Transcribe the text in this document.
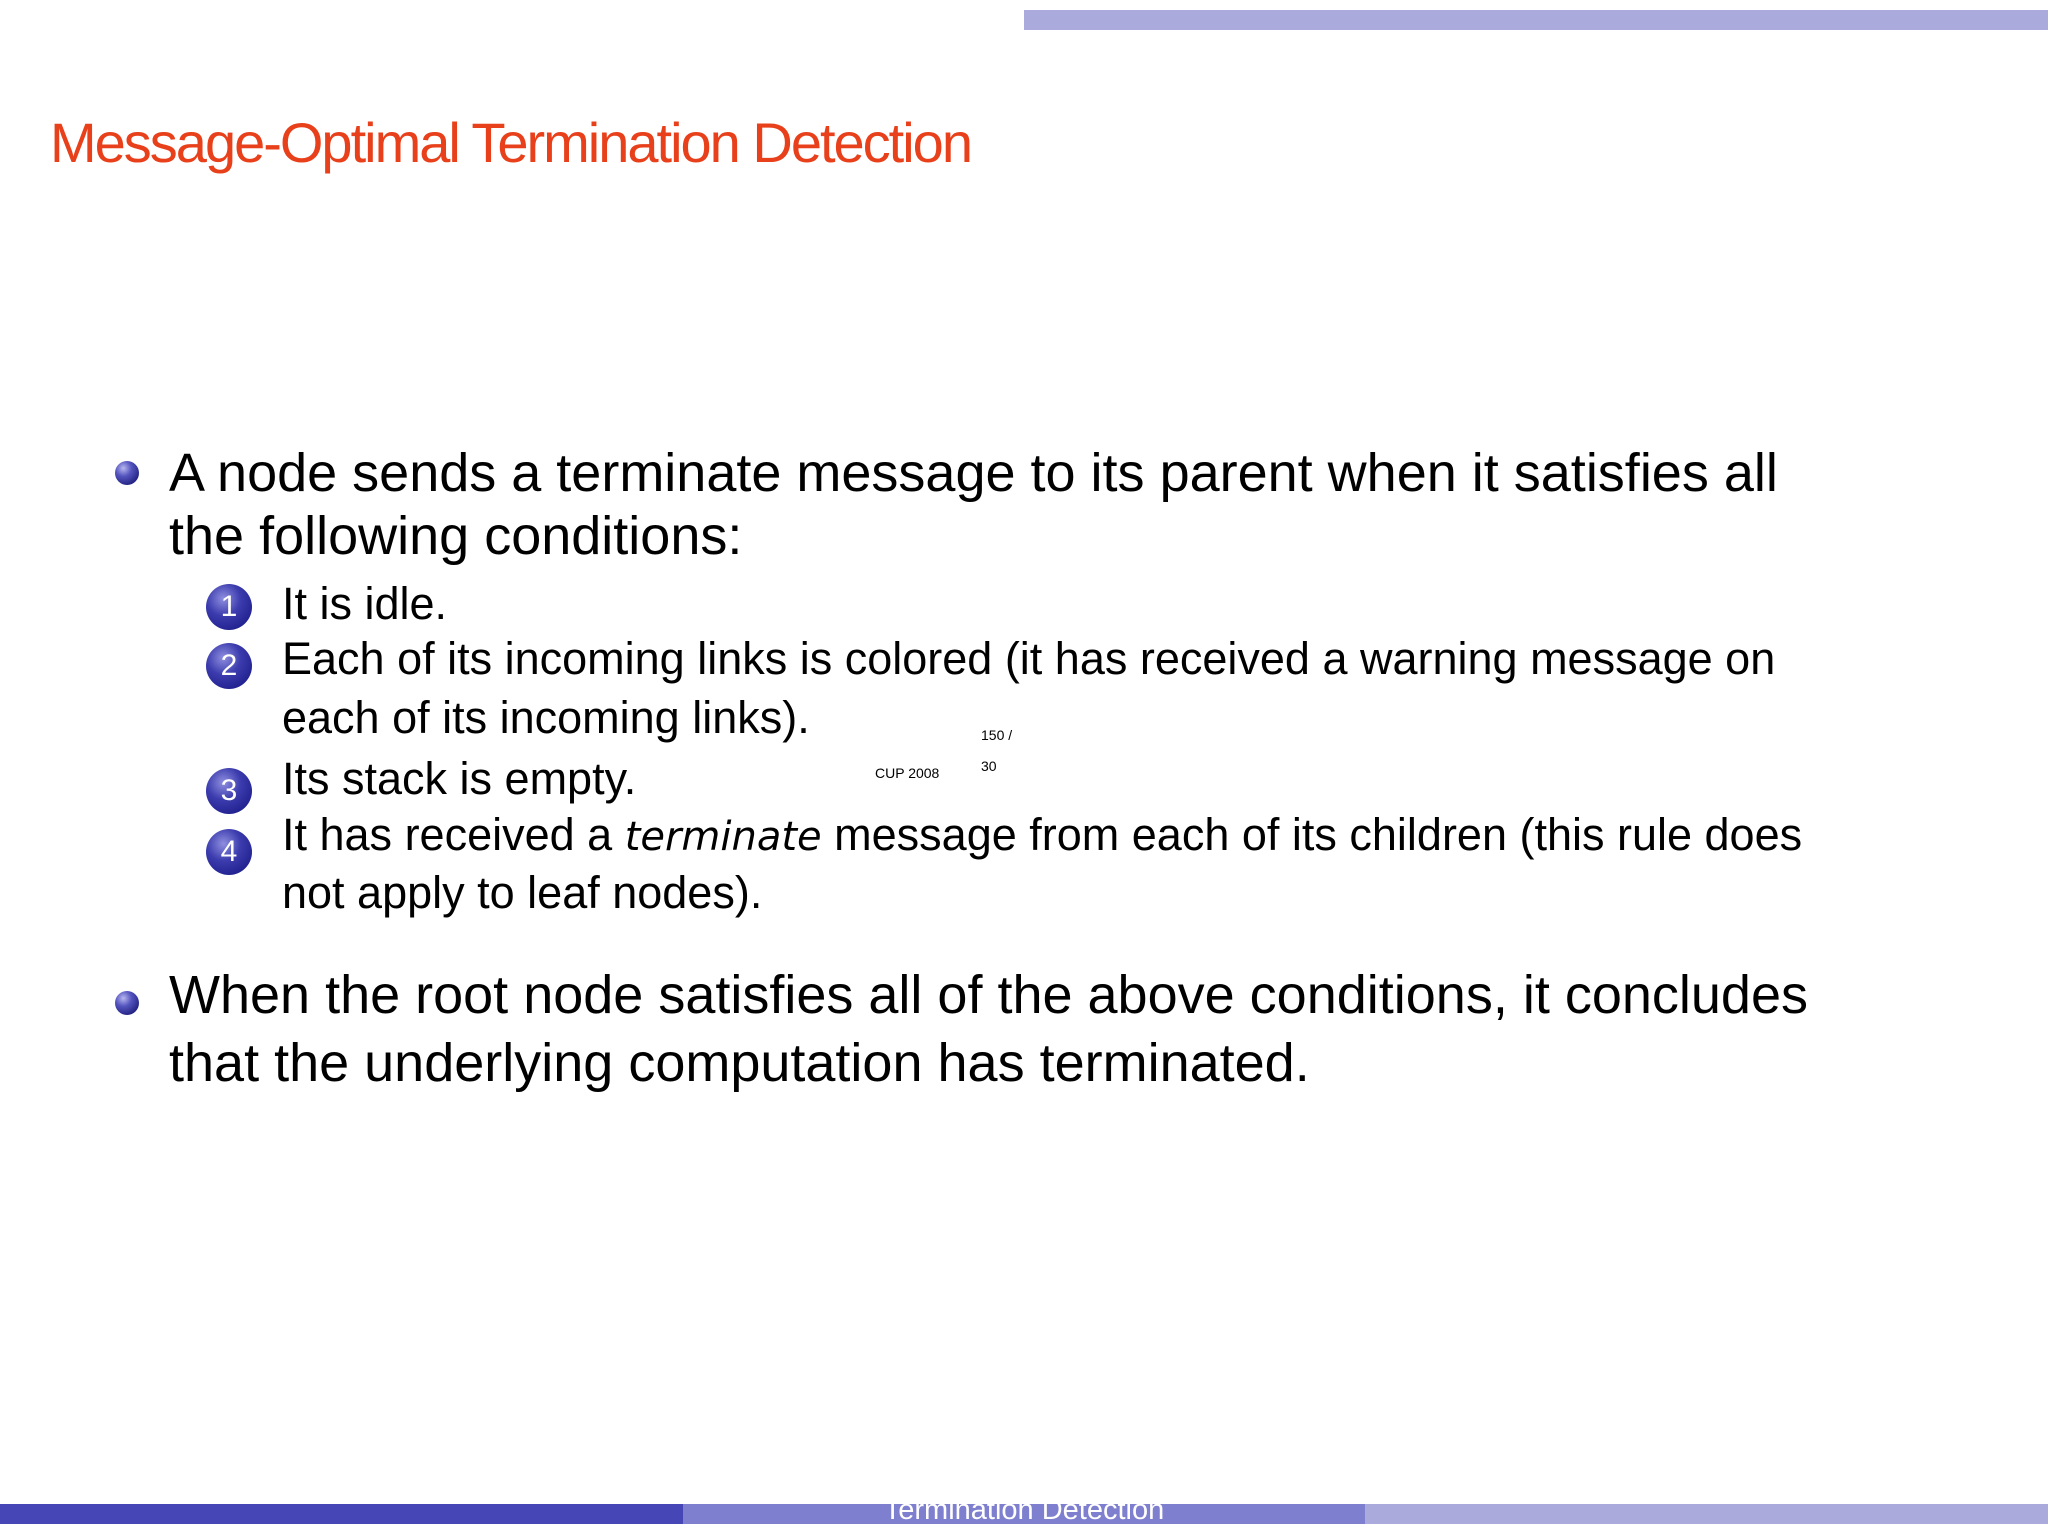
Message-Optimal Termination Detection
A node sends a terminate message to its parent when it satisfies all
the following conditions:
1 It is idle.
2 Each of its incoming links is colored (it has received a warning message on
each of its incoming links).	150 /
30
CUP 2008
3 Its stack is empty.
4 It has received a terminate message from each of its children (this rule does
not apply to leaf nodes).
When the root node satisfies all of the above conditions, it concludes
that the underlying computation has terminated.
Termination Detection
